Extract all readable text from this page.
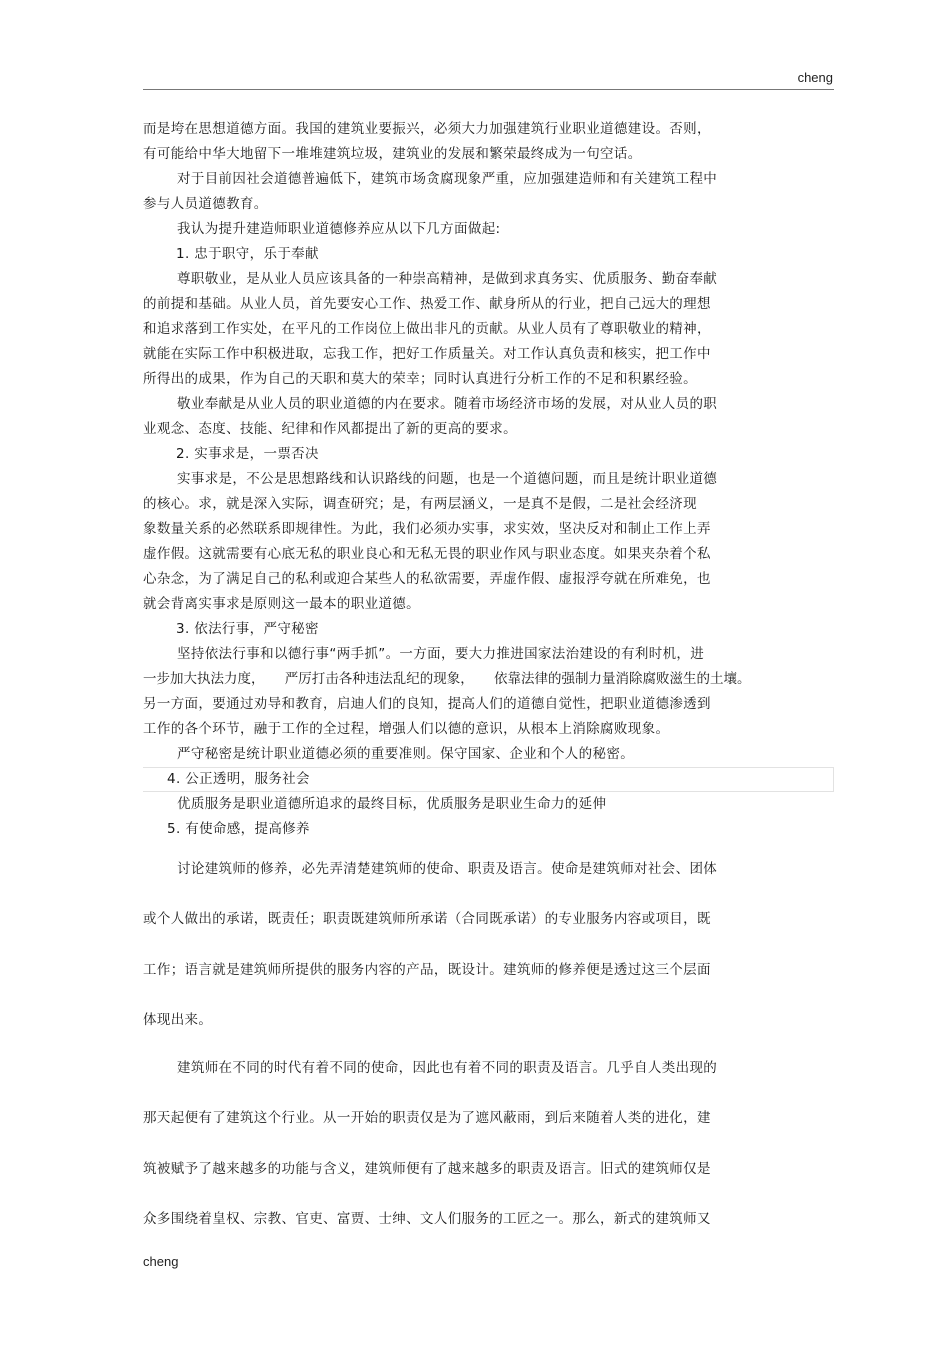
cheng
而是垮在思想道德方面。我国的建筑业要振兴，必须大力加强建筑行业职业道德建设。否则，
有可能给中华大地留下一堆堆建筑垃圾，建筑业的发展和繁荣最终成为一句空话。
对于目前因社会道德普遍低下，建筑市场贪腐现象严重，应加强建造师和有关建筑工程中
参与人员道德教育。
我认为提升建造师职业道德修养应从以下几方面做起:
1. 忠于职守，乐于奉献
尊职敬业，是从业人员应该具备的一种崇高精神，是做到求真务实、优质服务、勤奋奉献
的前提和基础。从业人员，首先要安心工作、热爱工作、献身所从的行业，把自己远大的理想
和追求落到工作实处，在平凡的工作岗位上做出非凡的贡献。从业人员有了尊职敬业的精神，
就能在实际工作中积极进取，忘我工作，把好工作质量关。对工作认真负责和核实，把工作中
所得出的成果，作为自己的天职和莫大的荣幸；同时认真进行分析工作的不足和积累经验。
敬业奉献是从业人员的职业道德的内在要求。随着市场经济市场的发展，对从业人员的职
业观念、态度、技能、纪律和作风都提出了新的更高的要求。
2. 实事求是，一票否决
实事求是，不公是思想路线和认识路线的问题，也是一个道德问题，而且是统计职业道德
的核心。求，就是深入实际，调查研究；是，有两层涵义，一是真不是假，二是社会经济现
象数量关系的必然联系即规律性。为此，我们必须办实事，求实效，坚决反对和制止工作上弄
虚作假。这就需要有心底无私的职业良心和无私无畏的职业作风与职业态度。如果夹杂着个私
心杂念，为了满足自己的私利或迎合某些人的私欲需要，弄虚作假、虚报浮夸就在所难免，也
就会背离实事求是原则这一最本的职业道德。
3. 依法行事，严守秘密
坚持依法行事和以德行事“两手抓”。一方面，要大力推进国家法治建设的有利时机，进
一步加大执法力度，　　严厉打击各种违法乱纪的现象，　　依靠法律的强制力量消除腐败滋生的土壤。
另一方面，要通过劝导和教育，启迪人们的良知，提高人们的道德自觉性，把职业道德渗透到
工作的各个环节，融于工作的全过程，增强人们以德的意识，从根本上消除腐败现象。
严守秘密是统计职业道德必须的重要准则。保守国家、企业和个人的秘密。
4. 公正透明，服务社会
优质服务是职业道德所追求的最终目标，优质服务是职业生命力的延伸
5. 有使命感，提高修养
讨论建筑师的修养，必先弄清楚建筑师的使命、职责及语言。使命是建筑师对社会、团体
或个人做出的承诺，既责任；职责既建筑师所承诺（合同既承诺）的专业服务内容或项目，既
工作；语言就是建筑师所提供的服务内容的产品，既设计。建筑师的修养便是透过这三个层面
体现出来。
建筑师在不同的时代有着不同的使命，因此也有着不同的职责及语言。几乎自人类出现的
那天起便有了建筑这个行业。从一开始的职责仅是为了遮风蔽雨，到后来随着人类的进化，建
筑被赋予了越来越多的功能与含义，建筑师便有了越来越多的职责及语言。旧式的建筑师仅是
众多围绕着皇权、宗教、官吏、富贾、士绅、文人们服务的工匠之一。那么，新式的建筑师又
cheng
